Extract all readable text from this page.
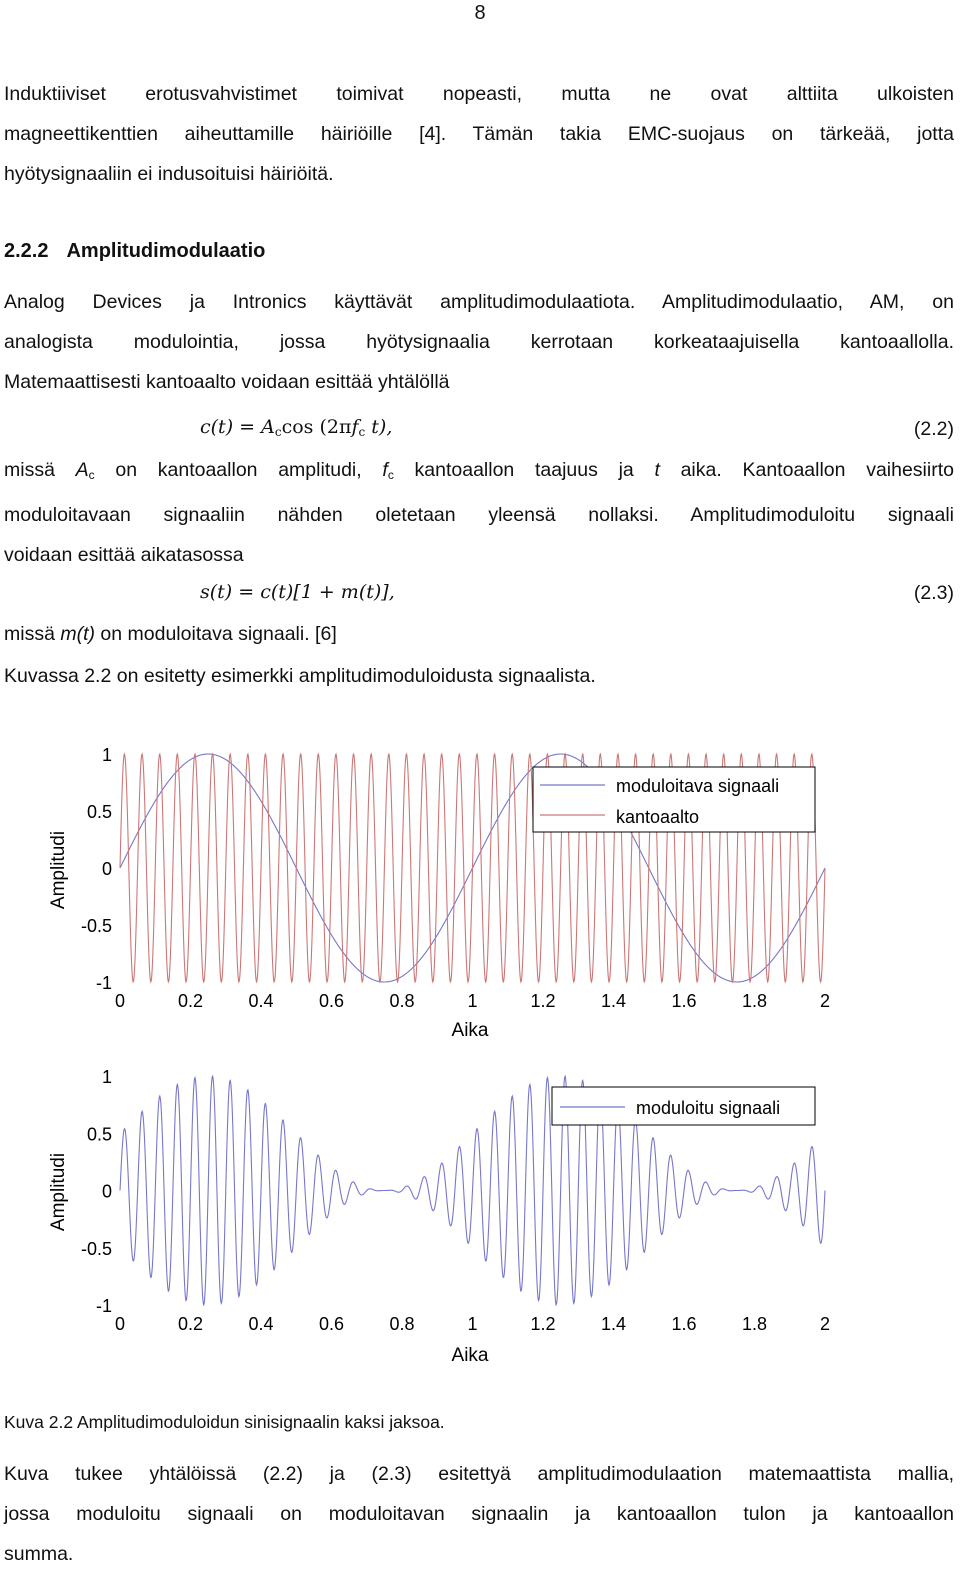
8
Induktiiviset erotusvahvistimet toimivat nopeasti, mutta ne ovat alttiita ulkoisten
magneettikenttien aiheuttamille häiriöille [4]. Tämän takia EMC-suojaus on tärkeää, jotta
hyötysignaaliin ei indusoituisi häiriöitä.
2.2.2 Amplitudimodulaatio
Analog Devices ja Intronics käyttävät amplitudimodulaatiota. Amplitudimodulaatio, AM, on
analogista modulointia, jossa hyötysignaalia kerrotaan korkeataajuisella kantoaallolla.
Matemaattisesti kantoaalto voidaan esittää yhtälöllä
$c(t) = A_c\cos$ ($2\pi f_c$ t),	(2.2)
missä $A_c$ on kantoaallon amplitudi, $f_c$ kantoaallon taajuus ja t aika. Kantoaallon vaihesiirto
moduloitavaan signaaliin nähden oletetaan yleensä nollaksi. Amplitudimoduloitu signaali
voidaan esittää aikatasossa
s(t) = c(t)[1 + m(t)],	(2.3)
missä m(t) on moduloitava signaali. [6]
Kuvassa 2.2 on esitetty esimerkki amplitudimoduloidusta signaalista.
1
0.5
0
-0.5
-1
0	0.2	0.4	0.6	0.8	1	1.2	1.4	1.6	1.8	2
Aika
Amplitudi
moduloitava signaali
kantoaalto
1
0.5
0
-0.5
-1
0	0.2	0.4	0.6	0.8	1	1.2	1.4	1.6	1.8	2
Aika
Amplitudi
moduloitu signaali
Kuva 2.2 Amplitudimoduloidun sinisignaalin kaksi jaksoa.
Kuva tukee yhtälöissä (2.2) ja (2.3) esitettyä amplitudimodulaation matemaattista mallia,
jossa moduloitu signaali on moduloitavan signaalin ja kantoaallon tulon ja kantoaallon
summa.
